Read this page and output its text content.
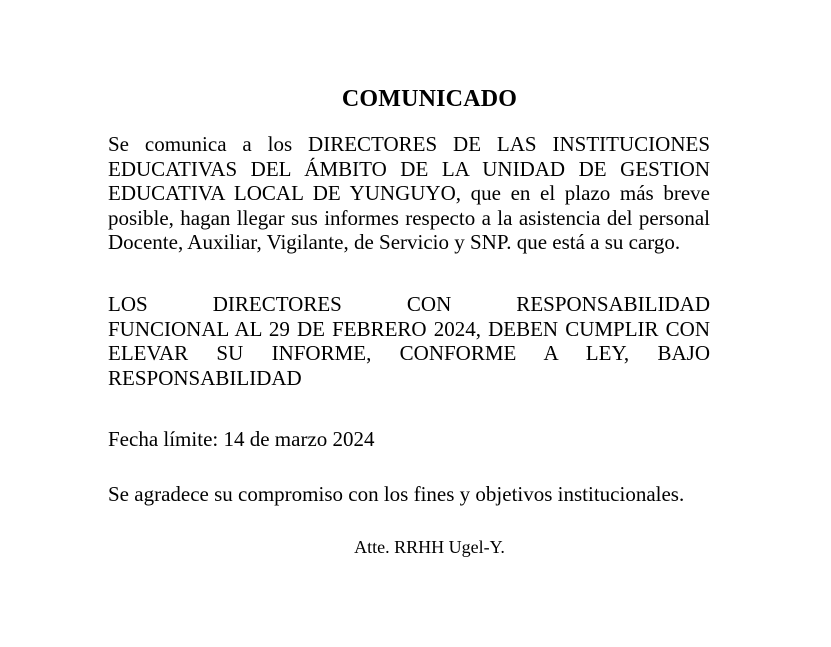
COMUNICADO

Se comunica a los DIRECTORES DE LAS INSTITUCIONES EDUCATIVAS DEL ÁMBITO DE LA UNIDAD DE GESTION EDUCATIVA LOCAL DE YUNGUYO, que en el plazo más breve posible, hagan llegar sus informes respecto a la asistencia del personal Docente, Auxiliar, Vigilante, de Servicio y SNP. que está a su cargo.

LOS DIRECTORES CON RESPONSABILIDAD
FUNCIONAL AL 29 DE FEBRERO 2024, DEBEN CUMPLIR CON ELEVAR SU INFORME, CONFORME A LEY, BAJO RESPONSABILIDAD

Fecha límite: 14 de marzo 2024

Se agradece su compromiso con los fines y objetivos institucionales.

Atte. RRHH Ugel-Y.
